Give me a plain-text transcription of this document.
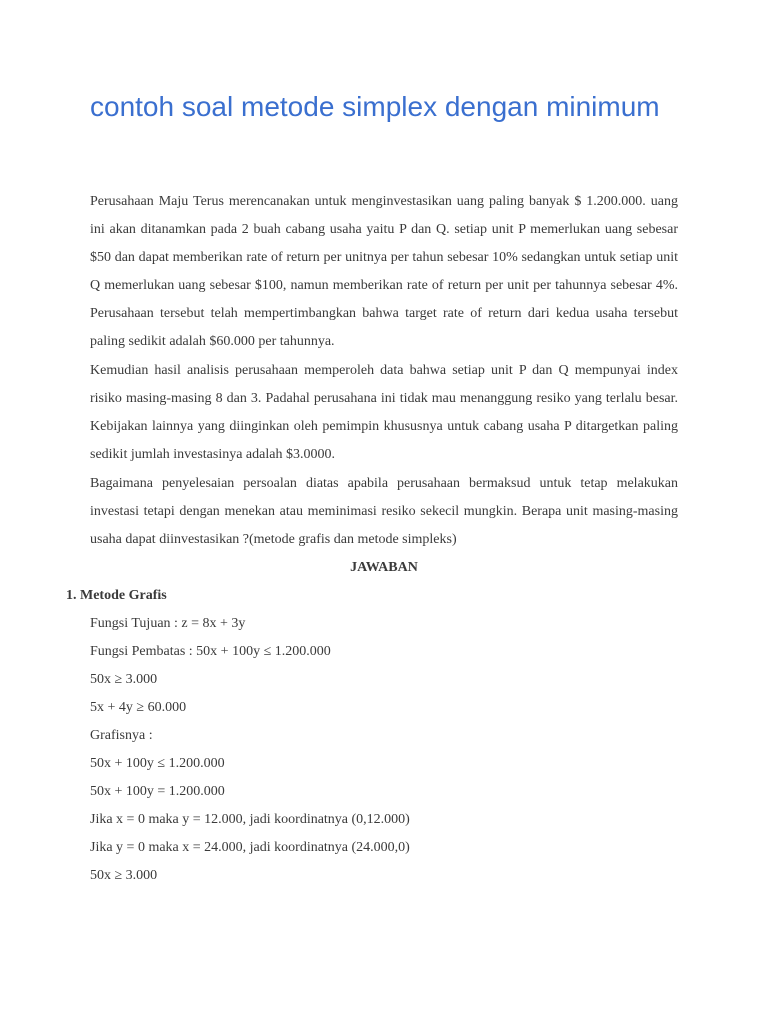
contoh soal metode simplex dengan minimum

Perusahaan Maju Terus merencanakan untuk menginvestasikan uang paling banyak $ 1.200.000. uang ini akan ditanamkan pada 2 buah cabang usaha yaitu P dan Q. setiap unit P memerlukan uang sebesar $50 dan dapat memberikan rate of return per unitnya per tahun sebesar 10% sedangkan untuk setiap unit Q memerlukan uang sebesar $100, namun memberikan rate of return per unit per tahunnya sebesar 4%. Perusahaan tersebut telah mempertimbangkan bahwa target rate of return dari kedua usaha tersebut paling sedikit adalah $60.000 per tahunnya.

Kemudian hasil analisis perusahaan memperoleh data bahwa setiap unit P dan Q mempunyai index risiko masing-masing 8 dan 3. Padahal perusahana ini tidak mau menanggung resiko yang terlalu besar. Kebijakan lainnya yang diinginkan oleh pemimpin khususnya untuk cabang usaha P ditargetkan paling sedikit jumlah investasinya adalah $3.0000.

Bagaimana penyelesaian persoalan diatas apabila perusahaan bermaksud untuk tetap melakukan investasi tetapi dengan menekan atau meminimasi resiko sekecil mungkin. Berapa unit masing-masing usaha dapat diinvestasikan ?(metode grafis dan metode simpleks)

JAWABAN

1. Metode Grafis

Fungsi Tujuan : z = 8x + 3y
Fungsi Pembatas : 50x + 100y ≤ 1.200.000
50x ≥ 3.000
5x + 4y ≥ 60.000
Grafisnya :
50x + 100y ≤ 1.200.000
50x + 100y = 1.200.000
Jika x = 0 maka y = 12.000, jadi koordinatnya (0,12.000)
Jika y = 0 maka x = 24.000, jadi koordinatnya (24.000,0)
50x ≥ 3.000
